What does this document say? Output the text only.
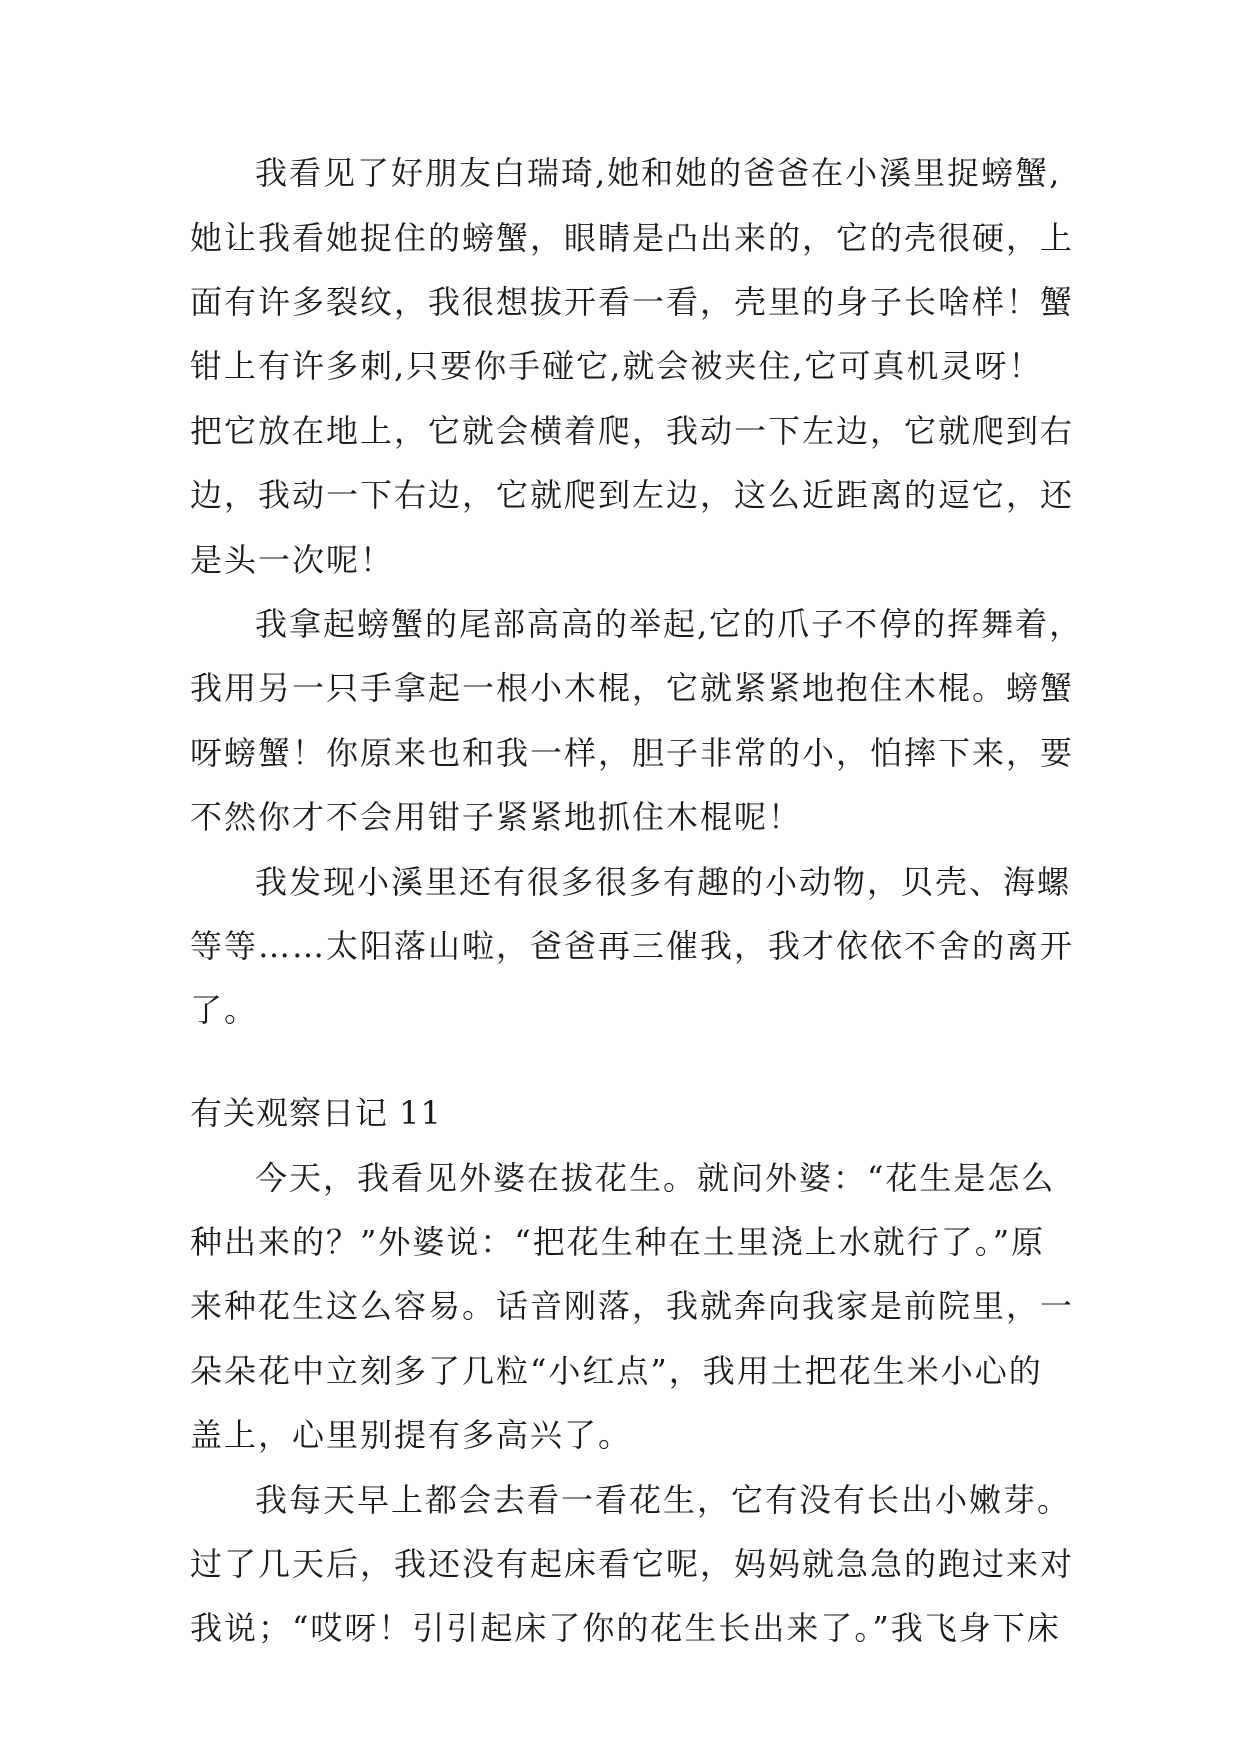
我看见了好朋友白瑞琦,她和她的爸爸在小溪里捉螃蟹,
她让我看她捉住的螃蟹，眼睛是凸出来的，它的壳很硬，上
面有许多裂纹，我很想拔开看一看，壳里的身子长啥样！蟹
钳上有许多刺,只要你手碰它,就会被夹住,它可真机灵呀！
把它放在地上，它就会横着爬，我动一下左边，它就爬到右
边，我动一下右边，它就爬到左边，这么近距离的逗它，还
是头一次呢！
我拿起螃蟹的尾部高高的举起,它的爪子不停的挥舞着，
我用另一只手拿起一根小木棍，它就紧紧地抱住木棍。螃蟹
呀螃蟹！你原来也和我一样，胆子非常的小，怕摔下来，要
不然你才不会用钳子紧紧地抓住木棍呢！
我发现小溪里还有很多很多有趣的小动物，贝壳、海螺
等等……太阳落山啦，爸爸再三催我，我才依依不舍的离开
了。
有关观察日记 11
今天，我看见外婆在拔花生。就问外婆：“花生是怎么
种出来的？”外婆说：“把花生种在土里浇上水就行了。”原
来种花生这么容易。话音刚落，我就奔向我家是前院里，一
朵朵花中立刻多了几粒“小红点”，我用土把花生米小心的
盖上，心里别提有多高兴了。
我每天早上都会去看一看花生，它有没有长出小嫩芽。
过了几天后，我还没有起床看它呢，妈妈就急急的跑过来对
我说；“哎呀！引引起床了你的花生长出来了。”我飞身下床
